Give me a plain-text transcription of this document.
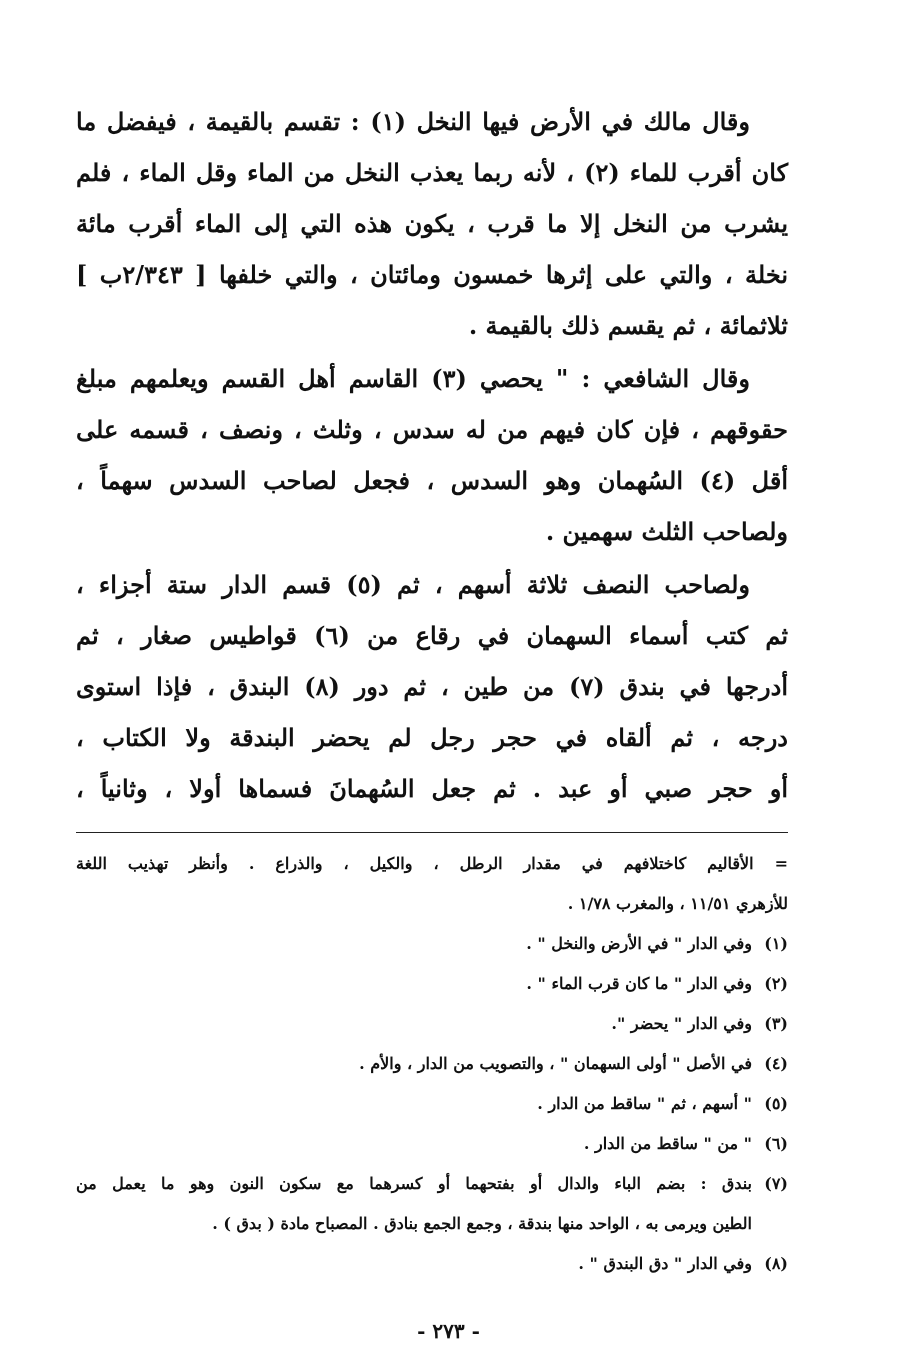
وقال مالك في الأرض فيها النخل (١) : تقسم بالقيمة ، فيفضل ما
كان أقرب للماء (٢) ، لأنه ربما يعذب النخل من الماء وقل الماء ، فلم
يشرب من النخل إلا ما قرب ، يكون هذه التي إلى الماء أقرب مائة
نخلة ، والتي على إثرها خمسون ومائتان ، والتي خلفها [ ٢/٣٤٣ب ]
ثلاثمائة ، ثم يقسم ذلك بالقيمة .

وقال الشافعي : " يحصي (٣) القاسم أهل القسم ويعلمهم مبلغ
حقوقهم ، فإن كان فيهم من له سدس ، وثلث ، ونصف ، قسمه على
أقل (٤) السُهمان وهو السدس ، فجعل لصاحب السدس سهماً ،
ولصاحب الثلث سهمين .

ولصاحب النصف ثلاثة أسهم ، ثم (٥) قسم الدار ستة أجزاء ،
ثم كتب أسماء السهمان في رقاع من (٦) قواطيس صغار ، ثم
أدرجها في بندق (٧) من طين ، ثم دور (٨) البندق ، فإذا استوى
درجه ، ثم ألقاه في حجر رجل لم يحضر البندقة ولا الكتاب ،
أو حجر صبي أو عبد . ثم جعل السُهمانَ فسماها أولا ، وثانياً ،

= الأقاليم كاختلافهم في مقدار الرطل ، والكيل ، والذراع . وأنظر تهذيب اللغة
للأزهري ١١/٥١ ، والمغرب ١/٧٨ .
(١)
وفي الدار " في الأرض والنخل " .
(٢)
وفي الدار " ما كان قرب الماء " .
(٣)
وفي الدار " يحضر ".
(٤)
في الأصل " أولى السهمان " ، والتصويب من الدار ، والأم .
(٥)
" أسهم ، ثم " ساقط من الدار .
(٦)
" من " ساقط من الدار .
(٧)
بندق : بضم الباء والدال أو بفتحهما أو كسرهما مع سكون النون وهو ما يعمل من
الطين ويرمى به ، الواحد منها بندقة ، وجمع الجمع بنادق . المصباح مادة ( بدق ) .
(٨)
وفي الدار " دق البندق " .
- ٢٧٣ -
